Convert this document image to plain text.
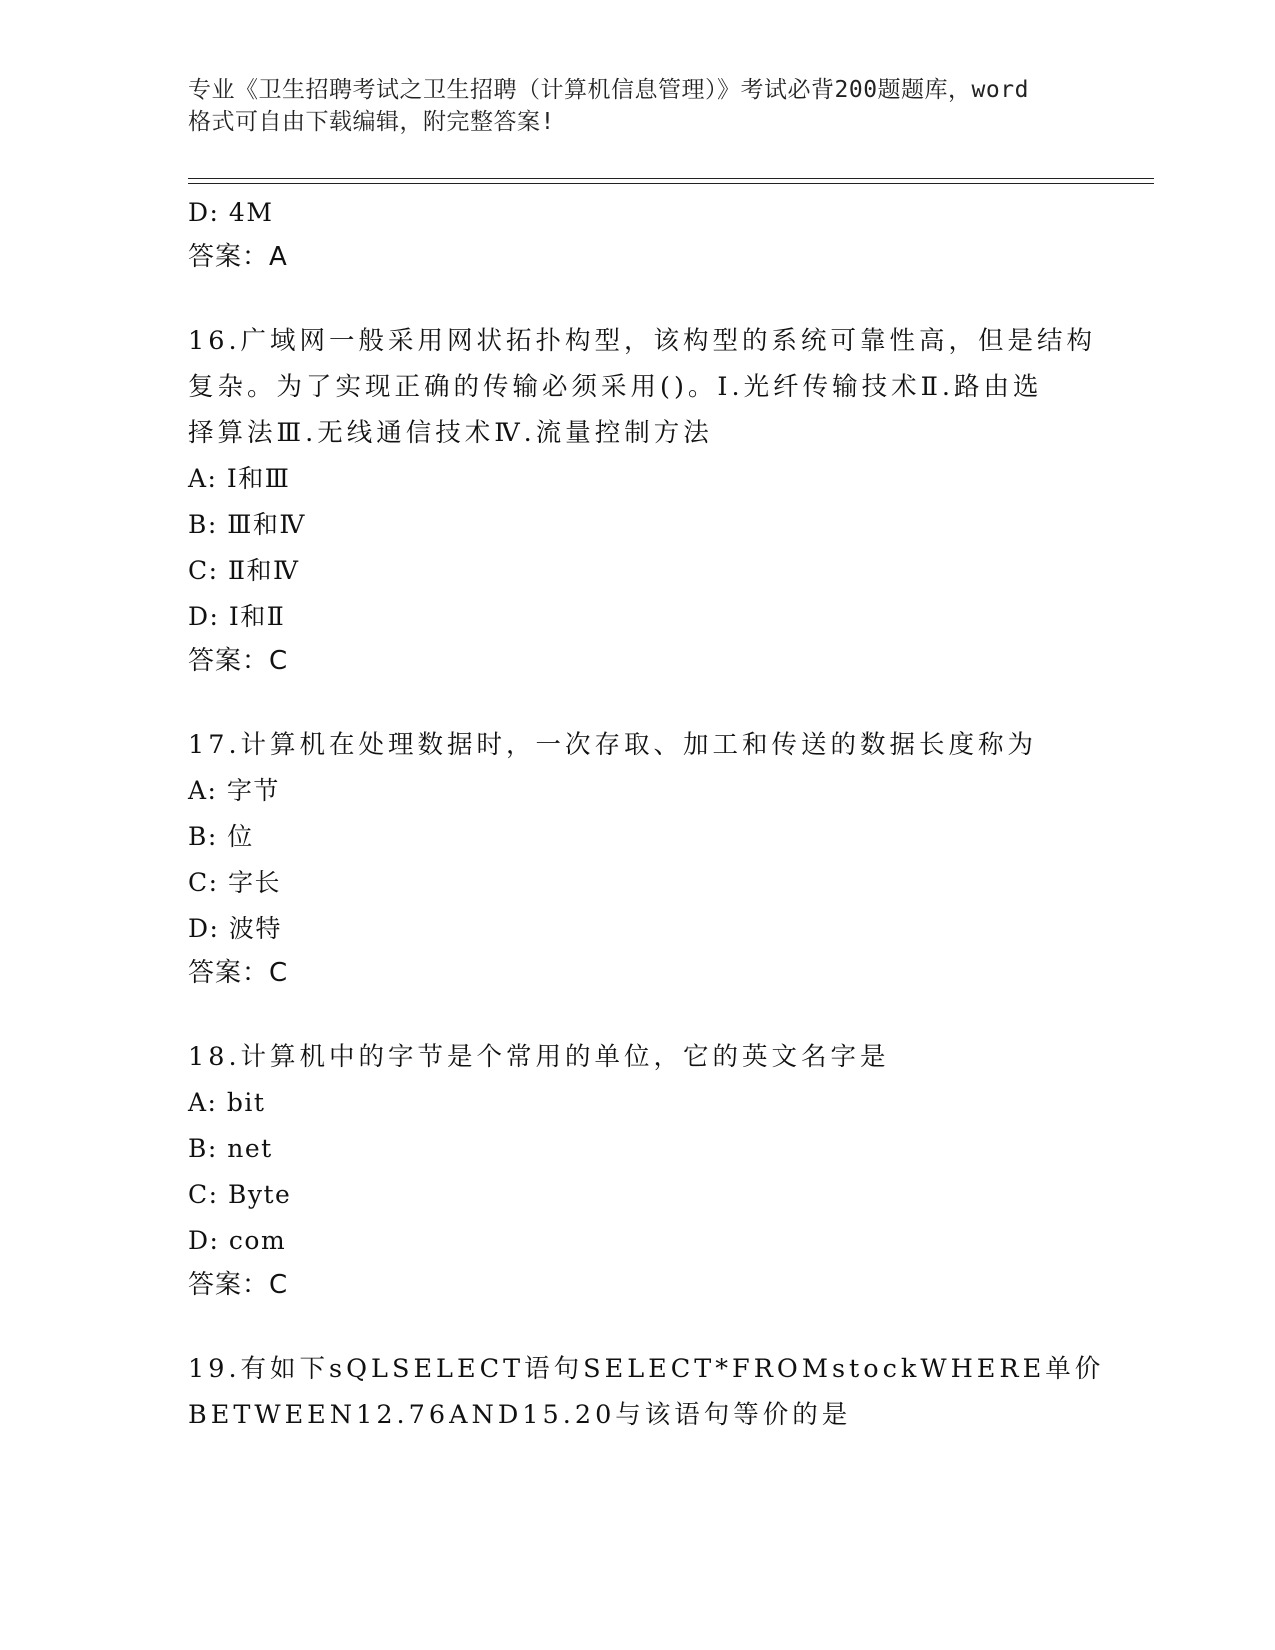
专业《卫生招聘考试之卫生招聘（计算机信息管理）》考试必背200题题库，word
格式可自由下载编辑，附完整答案!
D: 4M
答案：A
16.广域网一般采用网状拓扑构型，该构型的系统可靠性高，但是结构
复杂。为了实现正确的传输必须采用()。Ⅰ.光纤传输技术Ⅱ.路由选
择算法Ⅲ.无线通信技术Ⅳ.流量控制方法
A: Ⅰ和Ⅲ
B: Ⅲ和Ⅳ
C: Ⅱ和Ⅳ
D: Ⅰ和Ⅱ
答案：C
17.计算机在处理数据时，一次存取、加工和传送的数据长度称为
A: 字节
B: 位
C: 字长
D: 波特
答案：C
18.计算机中的字节是个常用的单位，它的英文名字是
A: bit
B: net
C: Byte
D: com
答案：C
19.有如下sQLSELECT语句SELECT*FROMstockWHERE单价
BETWEEN12.76AND15.20与该语句等价的是
